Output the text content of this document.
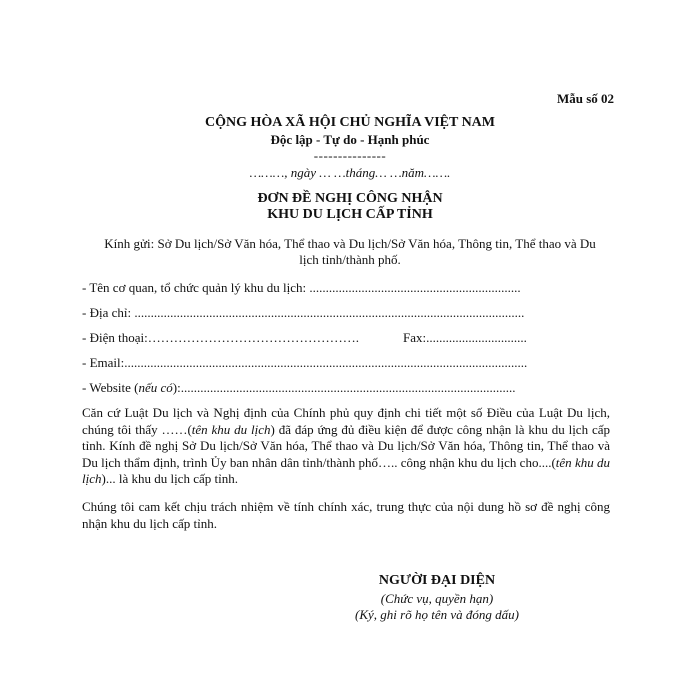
Mẫu số 02
CỘNG HÒA XÃ HỘI CHỦ NGHĨA VIỆT NAM
Độc lập - Tự do - Hạnh phúc
---------------
………, ngày … …tháng… …năm…….
ĐƠN ĐỀ NGHỊ CÔNG NHẬN
KHU DU LỊCH CẤP TỈNH
Kính gửi: Sở Du lịch/Sở Văn hóa, Thể thao và Du lịch/Sở Văn hóa, Thông tin, Thể thao và Du
lịch tỉnh/thành phố.
- Tên cơ quan, tổ chức quản lý khu du lịch: .................................................................
- Địa chỉ: ........................................................................................................................
- Điện thoại:………………………………………….	Fax:...............................
- Email:............................................................................................................................
- Website (nếu có):.......................................................................................................
Căn cứ Luật Du lịch và Nghị định của Chính phủ quy định chi tiết một số Điều của Luật Du lịch, chúng tôi thấy ……(tên khu du lịch) đã đáp ứng đủ điều kiện để được công nhận là khu du lịch cấp tỉnh. Kính đề nghị Sở Du lịch/Sở Văn hóa, Thể thao và Du lịch/Sở Văn hóa, Thông tin, Thể thao và Du lịch thẩm định, trình Ủy ban nhân dân tỉnh/thành phố….. công nhận khu du lịch cho....(tên khu du lịch)... là khu du lịch cấp tỉnh.
Chúng tôi cam kết chịu trách nhiệm về tính chính xác, trung thực của nội dung hồ sơ đề nghị công nhận khu du lịch cấp tỉnh.
NGƯỜI ĐẠI DIỆN
(Chức vụ, quyền hạn)
(Ký, ghi rõ họ tên và đóng dấu)
